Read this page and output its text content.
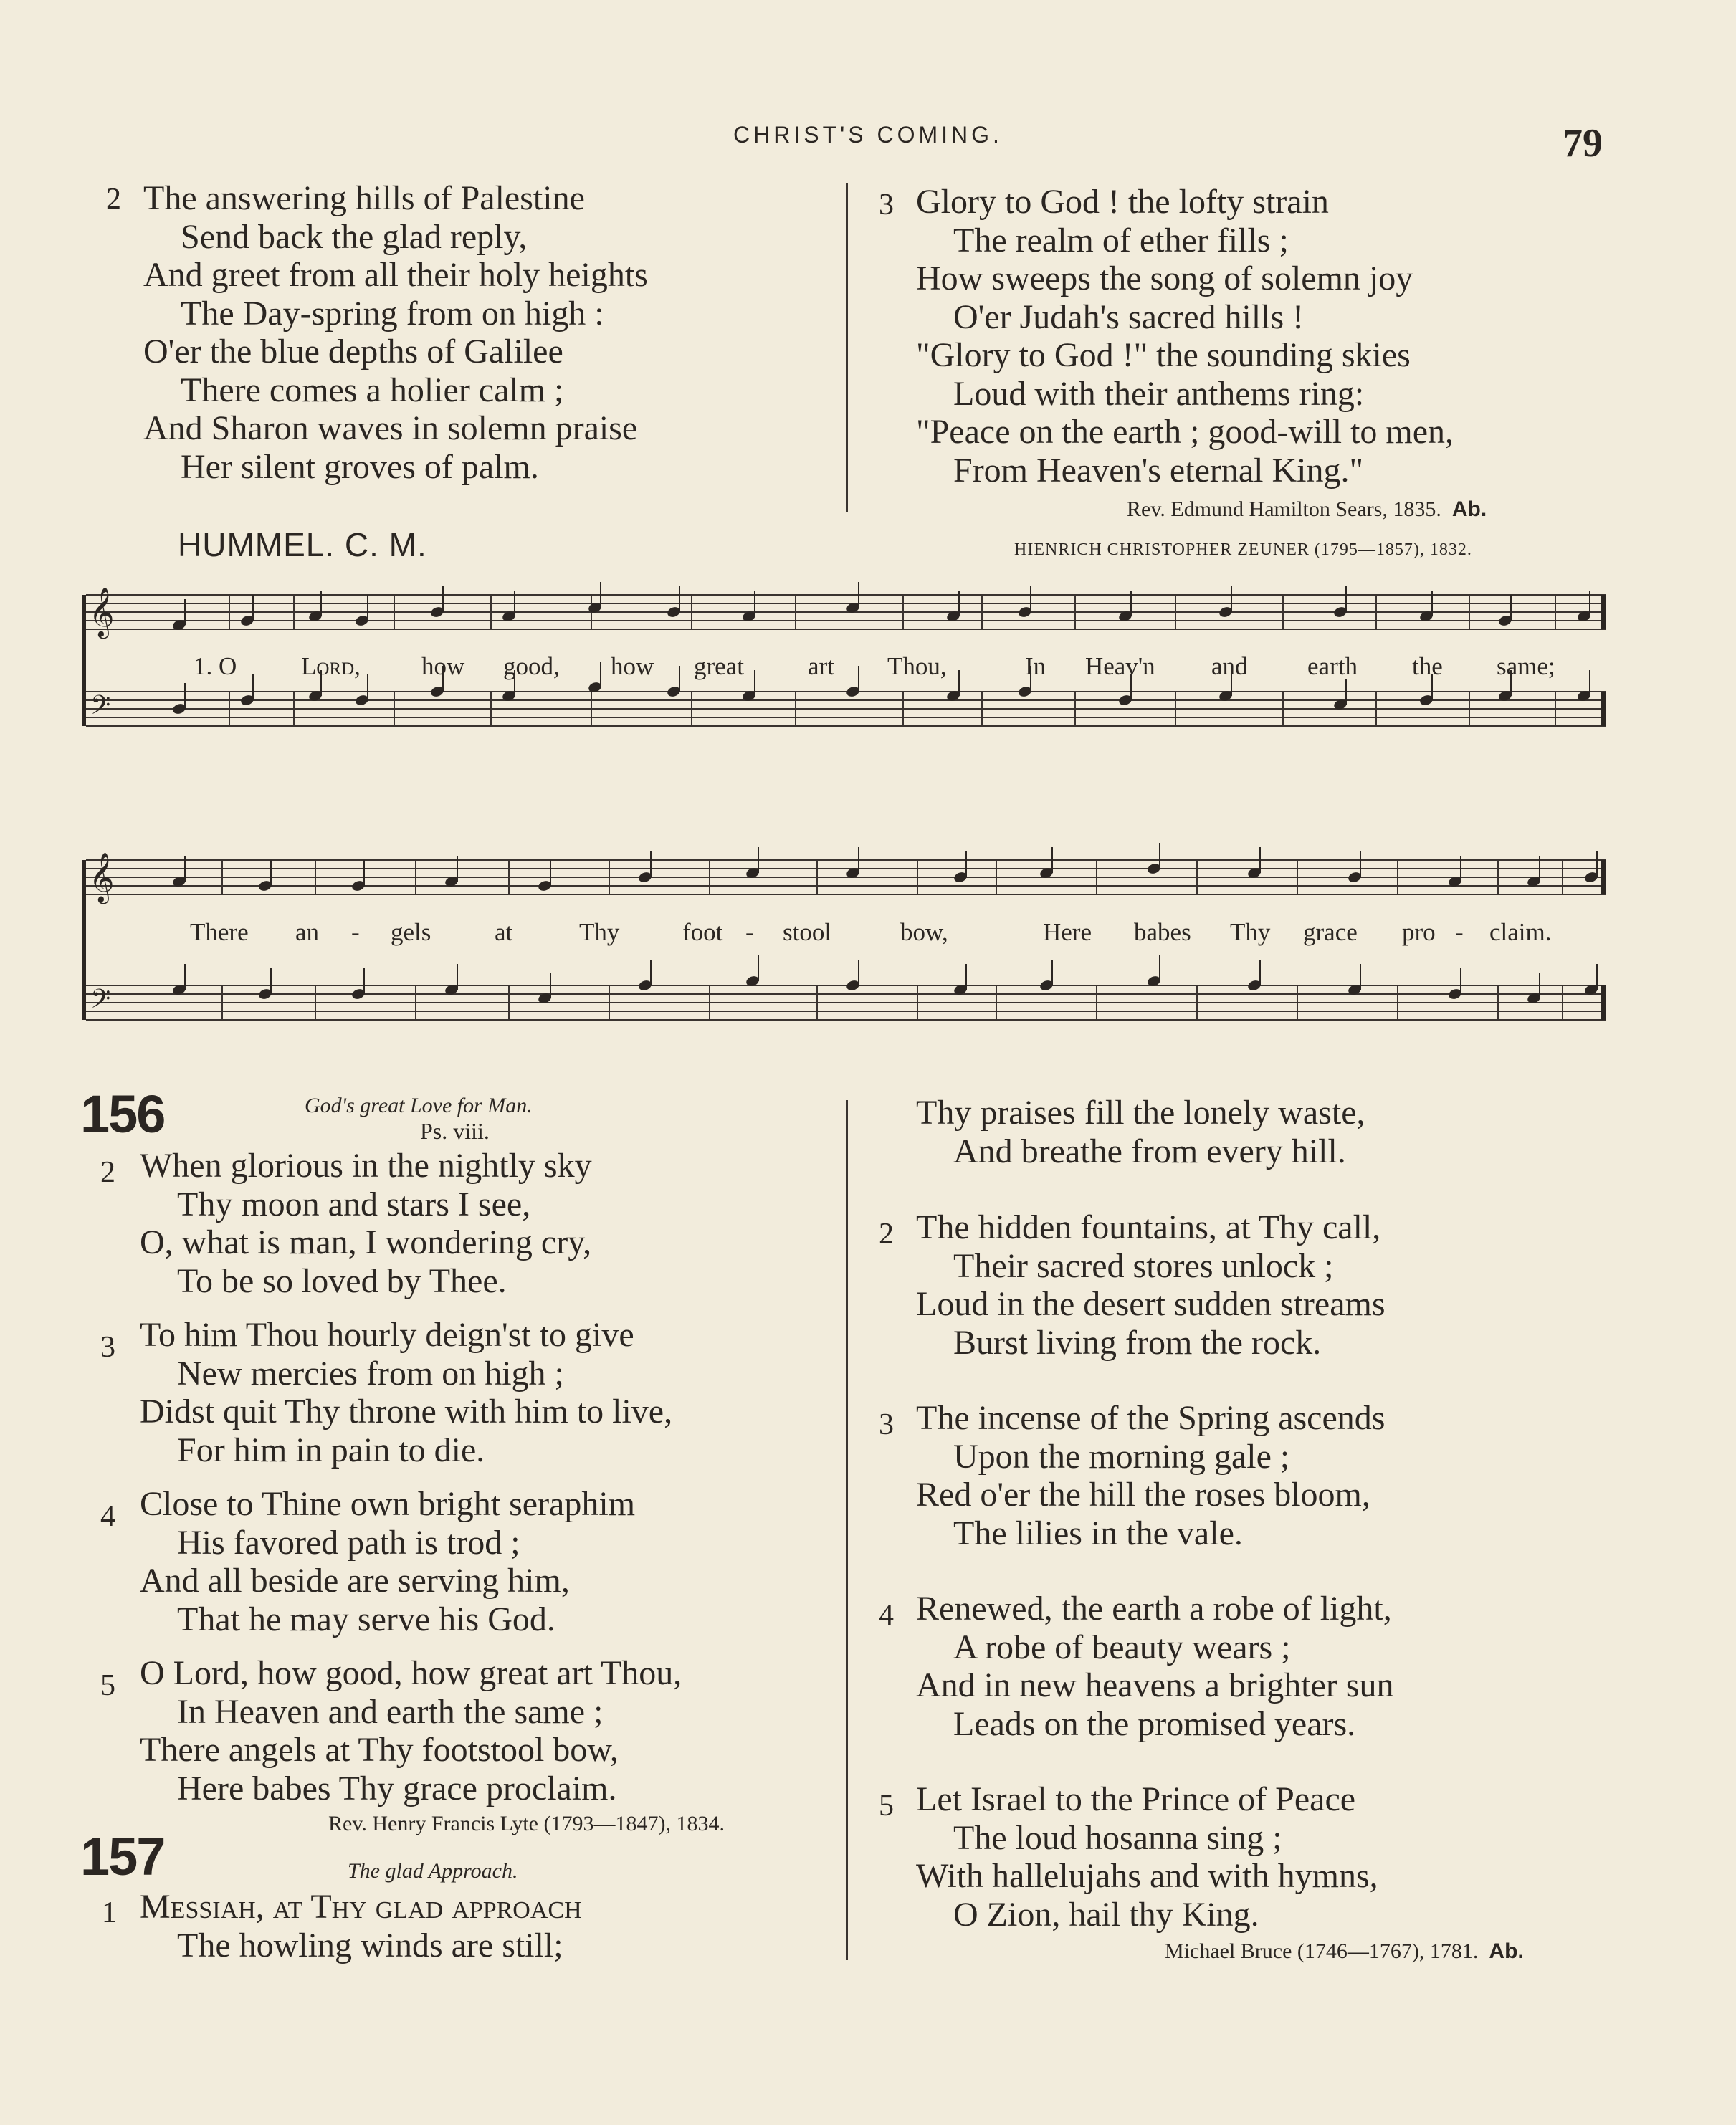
CHRIST'S COMING.	79
2 The answering hills of Palestine
Send back the glad reply,
And greet from all their holy heights
The Day-spring from on high :
O'er the blue depths of Galilee
There comes a holier calm ;
And Sharon waves in solemn praise
Her silent groves of palm.
3 Glory to God ! the lofty strain
The realm of ether fills ;
How sweeps the song of solemn joy
O'er Judah's sacred hills !
"Glory to God !" the sounding skies
Loud with their anthems ring:
"Peace on the earth ; good-will to men,
From Heaven's eternal King."
Rev. Edmund Hamilton Sears, 1835. Ab.
HUMMEL. C. M.	HIENRICH CHRISTOPHER ZEUNER (1795—1857), 1832.
𝄞
𝄢
1. O	Lord, how good, how great	art Thou,	In Heav'n and earth the same;
𝄞
𝄢
There an - gels	at	Thy	foot - stool	bow,	Here babes Thy grace pro - claim.
156	God's great Love for Man.
Ps. viii.
2 When glorious in the nightly sky
Thy moon and stars I see,
O, what is man, I wondering cry,
To be so loved by Thee.
3 To him Thou hourly deign'st to give
New mercies from on high ;
Didst quit Thy throne with him to live,
For him in pain to die.
4 Close to Thine own bright seraphim
His favored path is trod ;
And all beside are serving him,
That he may serve his God.
5 O Lord, how good, how great art Thou,
In Heaven and earth the same ;
There angels at Thy footstool bow,
Here babes Thy grace proclaim.
Rev. Henry Francis Lyte (1793—1847), 1834.
157	The glad Approach.
1 Messiah, at Thy glad approach
The howling winds are still;
Thy praises fill the lonely waste,
And breathe from every hill.
2 The hidden fountains, at Thy call,
Their sacred stores unlock ;
Loud in the desert sudden streams
Burst living from the rock.
3 The incense of the Spring ascends
Upon the morning gale ;
Red o'er the hill the roses bloom,
The lilies in the vale.
4 Renewed, the earth a robe of light,
A robe of beauty wears ;
And in new heavens a brighter sun
Leads on the promised years.
5 Let Israel to the Prince of Peace
The loud hosanna sing ;
With hallelujahs and with hymns,
O Zion, hail thy King.
Michael Bruce (1746—1767), 1781. Ab.
